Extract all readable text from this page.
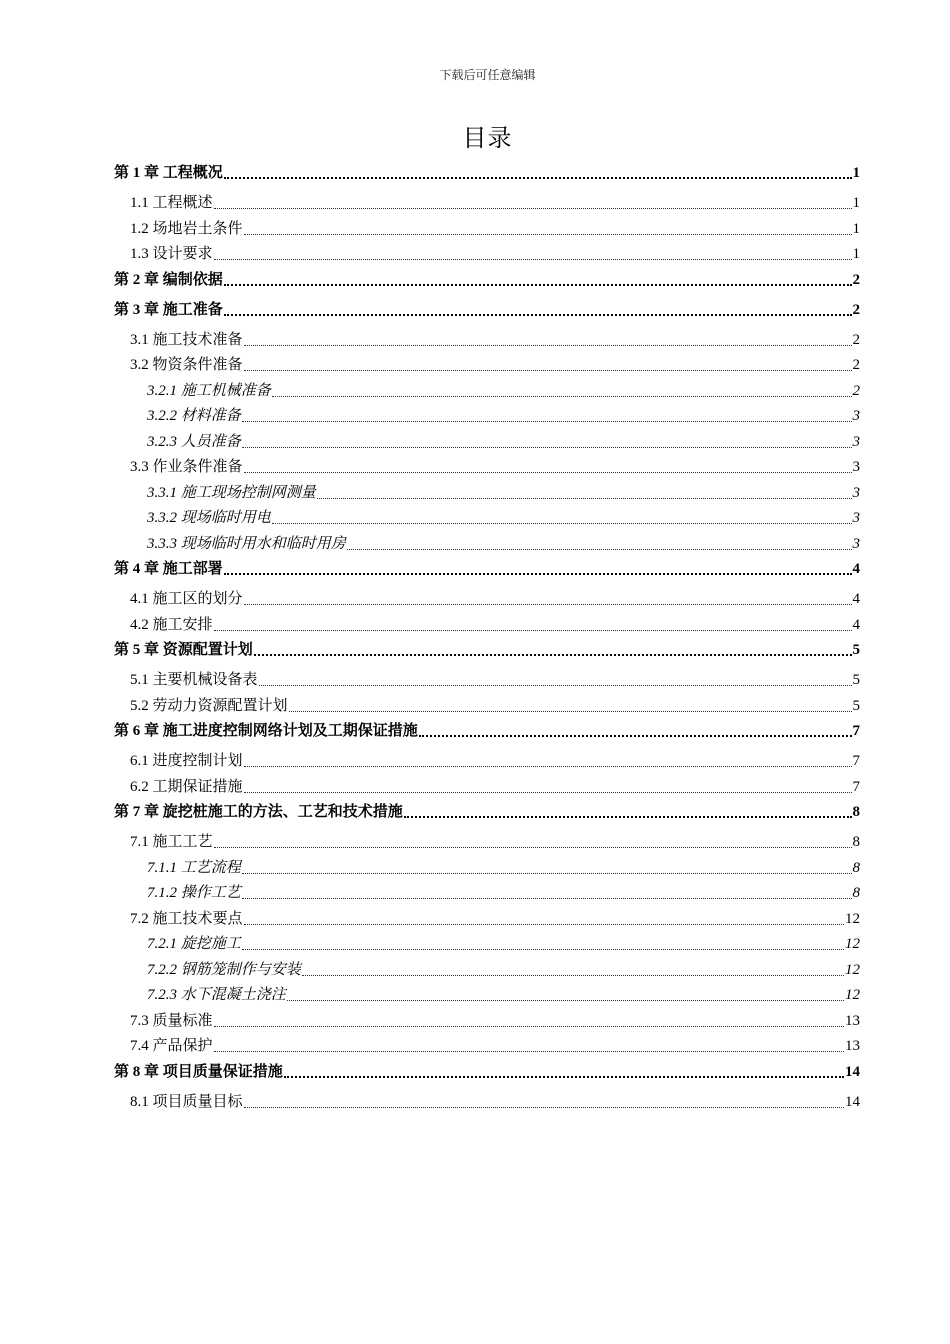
下载后可任意编辑
目录
第 1 章 工程概况	1
1.1 工程概述	1
1.2 场地岩土条件	1
1.3 设计要求	1
第 2 章 编制依据	2
第 3 章 施工准备	2
3.1 施工技术准备	2
3.2 物资条件准备	2
3.2.1 施工机械准备	2
3.2.2 材料准备	3
3.2.3 人员准备	3
3.3 作业条件准备	3
3.3.1 施工现场控制网测量	3
3.3.2 现场临时用电	3
3.3.3 现场临时用水和临时用房	3
第 4 章 施工部署	4
4.1 施工区的划分	4
4.2 施工安排	4
第 5 章 资源配置计划	5
5.1 主要机械设备表	5
5.2 劳动力资源配置计划	5
第 6 章 施工进度控制网络计划及工期保证措施	7
6.1 进度控制计划	7
6.2 工期保证措施	7
第 7 章 旋挖桩施工的方法、工艺和技术措施	8
7.1 施工工艺	8
7.1.1 工艺流程	8
7.1.2 操作工艺	8
7.2 施工技术要点	12
7.2.1 旋挖施工	12
7.2.2 钢筋笼制作与安装	12
7.2.3 水下混凝土浇注	12
7.3 质量标准	13
7.4 产品保护	13
第 8 章 项目质量保证措施	14
8.1 项目质量目标	14
